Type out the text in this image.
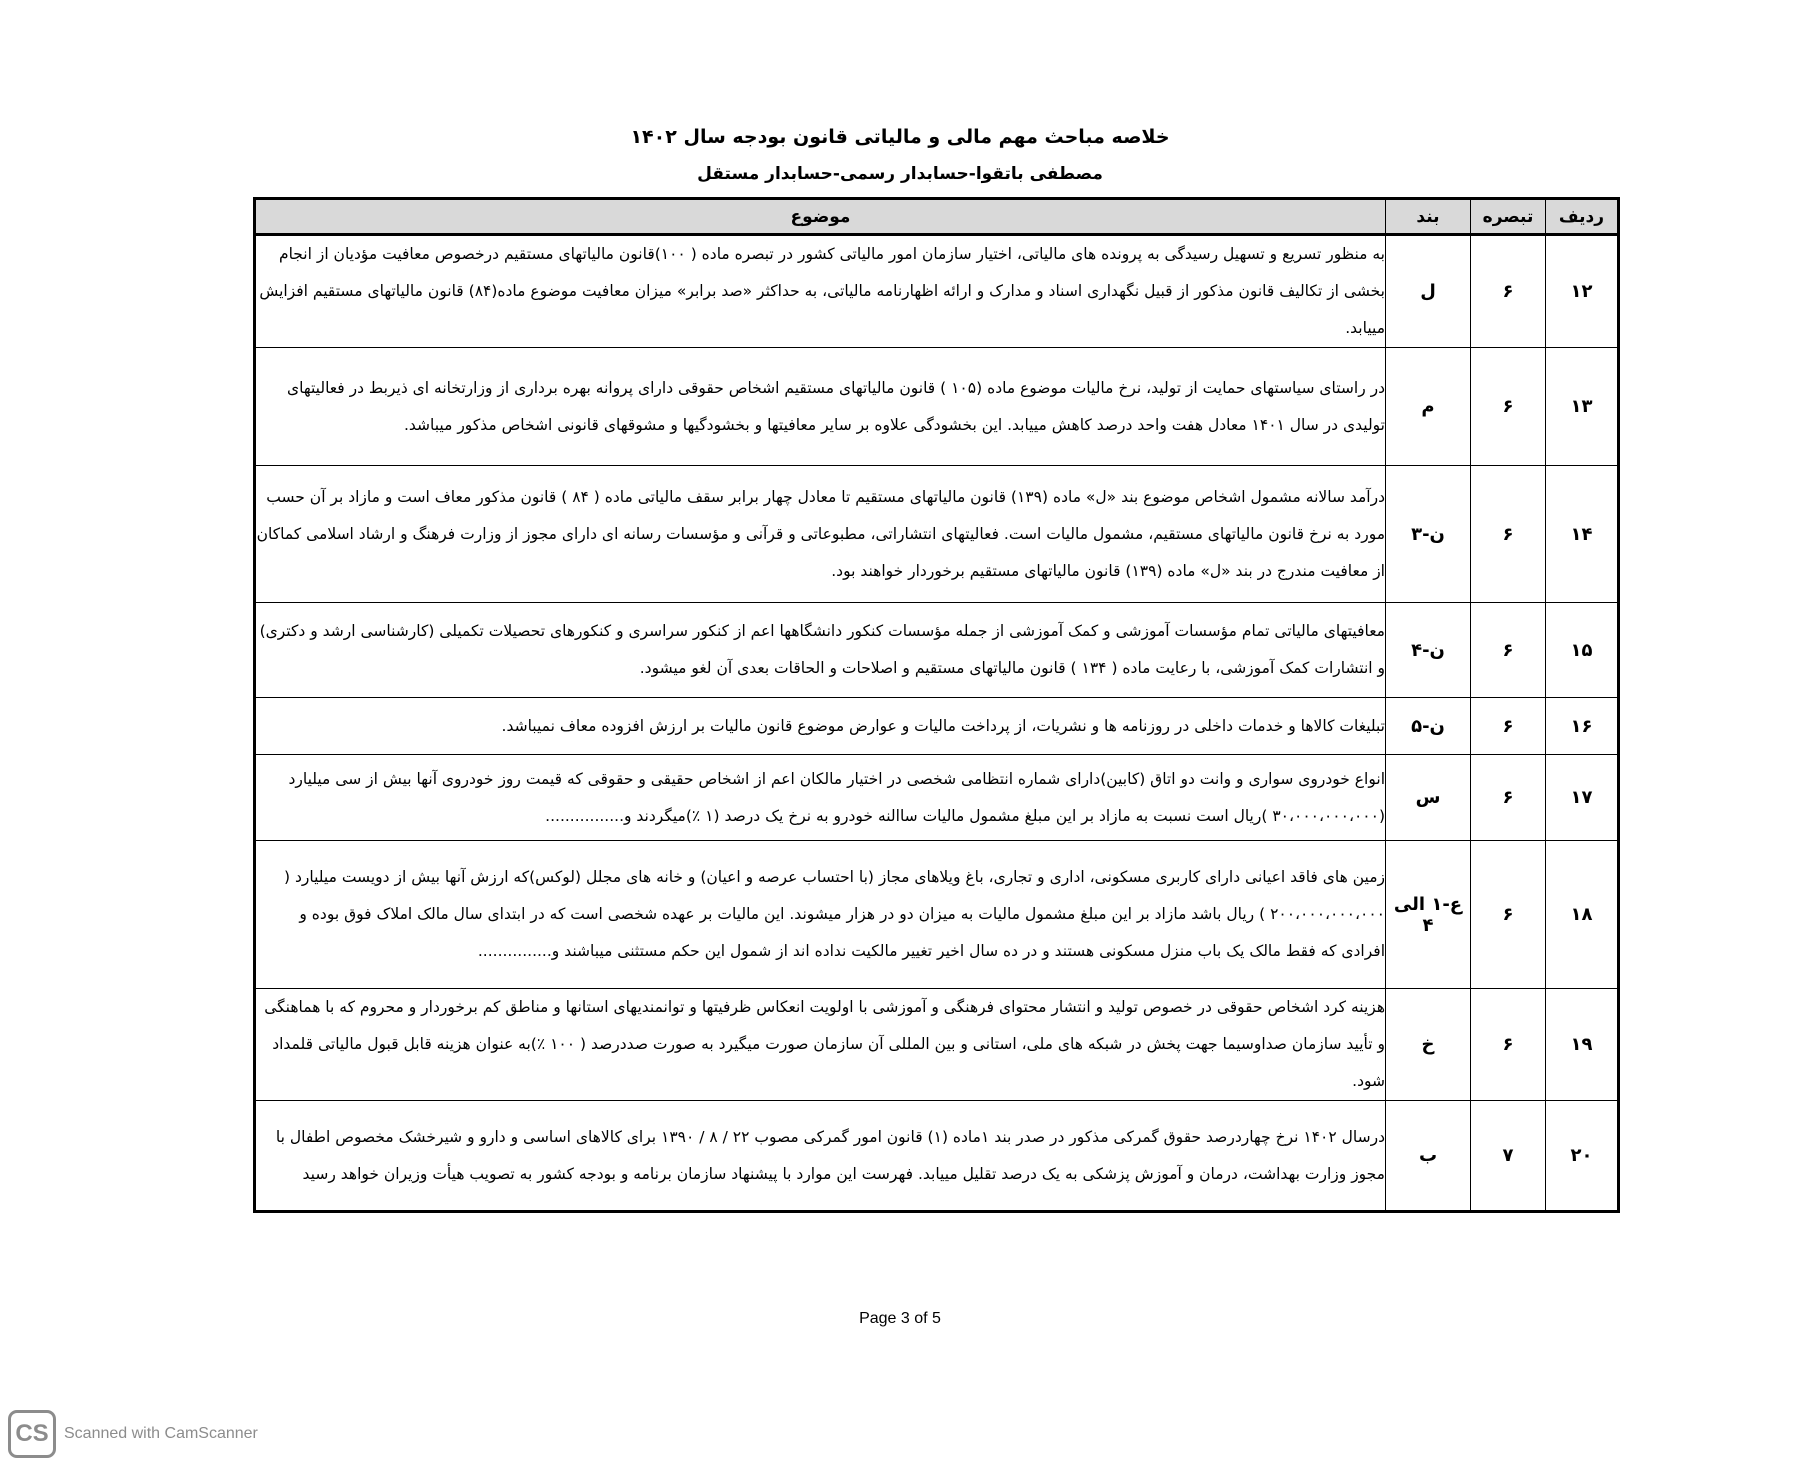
خلاصه مباحث مهم مالی و مالیاتی قانون بودجه سال ۱۴۰۲
مصطفی باتقوا-حسابدار رسمی-حسابدار مستقل
ردیف	تبصره	بند	موضوع
۱۲	۶	ل	به منظور تسریع و تسهیل رسیدگی به پرونده های مالیاتی، اختیار سازمان امور مالیاتی کشور در تبصره ماده ( ۱۰۰)قانون مالیاتهای مستقیم درخصوص معافیت مؤدیان از انجام بخشی از تکالیف قانون مذکور از قبیل نگهداری اسناد و مدارک و ارائه اظهارنامه مالیاتی، به حداکثر «صد برابر» میزان معافیت موضوع ماده(۸۴) قانون مالیاتهای مستقیم افزایش مییابد.
۱۳	۶	م	در راستای سیاستهای حمایت از تولید، نرخ مالیات موضوع ماده (۱۰۵ ) قانون مالیاتهای مستقیم اشخاص حقوقی دارای پروانه بهره برداری از وزارتخانه ای ذیربط در فعالیتهای تولیدی در سال ۱۴۰۱ معادل هفت واحد درصد کاهش مییابد. این بخشودگی علاوه بر سایر معافیتها و بخشودگیها و مشوقهای قانونی اشخاص مذکور میباشد.
۱۴	۶	ن-۳	درآمد سالانه مشمول اشخاص موضوع بند «ل» ماده (۱۳۹) قانون مالیاتهای مستقیم تا معادل چهار برابر سقف مالیاتی ماده ( ۸۴ ) قانون مذکور معاف است و مازاد بر آن حسب مورد به نرخ قانون مالیاتهای مستقیم، مشمول مالیات است. فعالیتهای انتشاراتی، مطبوعاتی و قرآنی و مؤسسات رسانه ای دارای مجوز از وزارت فرهنگ و ارشاد اسلامی کماکان از معافیت مندرج در بند «ل» ماده (۱۳۹) قانون مالیاتهای مستقیم برخوردار خواهند بود.
۱۵	۶	ن-۴	معافیتهای مالیاتی تمام مؤسسات آموزشی و کمک آموزشی از جمله مؤسسات کنکور دانشگاهها اعم از کنکور سراسری و کنکورهای تحصیلات تکمیلی (کارشناسی ارشد و دکتری) و انتشارات کمک آموزشی، با رعایت ماده ( ۱۳۴ ) قانون مالیاتهای مستقیم و اصلاحات و الحاقات بعدی آن لغو میشود.
۱۶	۶	ن-۵	تبلیغات کالاها و خدمات داخلی در روزنامه ها و نشریات، از پرداخت مالیات و عوارض موضوع قانون مالیات بر ارزش افزوده معاف نمیباشد.
۱۷	۶	س	انواع خودروی سواری و وانت دو اتاق (کابین)دارای شماره انتظامی شخصی در اختیار مالکان اعم از اشخاص حقیقی و حقوقی که قیمت روز خودروی آنها بیش از سی میلیارد (۳۰،۰۰۰،۰۰۰،۰۰۰ )ریال است نسبت به مازاد بر این مبلغ مشمول مالیات ساالنه خودرو به نرخ یک درصد (۱ ٪)میگردند و................
۱۸	۶	ع-۱ الی ۴	زمین های فاقد اعیانی دارای کاربری مسکونی، اداری و تجاری، باغ ویلاهای مجاز (با احتساب عرصه و اعیان) و خانه های مجلل (لوکس)که ارزش آنها بیش از دویست میلیارد ( ۲۰۰،۰۰۰،۰۰۰،۰۰۰ ) ریال باشد مازاد بر این مبلغ مشمول مالیات به میزان دو در هزار میشوند. این مالیات بر عهده شخصی است که در ابتدای سال مالک املاک فوق بوده و افرادی که فقط مالک یک باب منزل مسکونی هستند و در ده سال اخیر تغییر مالکیت نداده اند از شمول این حکم مستثنی میباشند و...............
۱۹	۶	خ	هزینه کرد اشخاص حقوقی در خصوص تولید و انتشار محتوای فرهنگی و آموزشی با اولویت انعکاس ظرفیتها و توانمندیهای استانها و مناطق کم برخوردار و محروم که با هماهنگی و تأیید سازمان صداوسیما جهت پخش در شبکه های ملی، استانی و بین المللی آن سازمان صورت میگیرد به صورت صددرصد ( ۱۰۰ ٪)به عنوان هزینه قابل قبول مالیاتی قلمداد شود.
۲۰	۷	ب	درسال ۱۴۰۲ نرخ چهاردرصد حقوق گمرکی مذکور در صدر بند ۱ماده (۱) قانون امور گمرکی مصوب ۲۲ / ۸ / ۱۳۹۰ برای کالاهای اساسی و دارو و شیرخشک مخصوص اطفال با مجوز وزارت بهداشت، درمان و آموزش پزشکی به یک درصد تقلیل مییابد. فهرست این موارد با پیشنهاد سازمان برنامه و بودجه کشور به تصویب هیأت وزیران خواهد رسید
Page 3 of 5
CS Scanned with CamScanner
